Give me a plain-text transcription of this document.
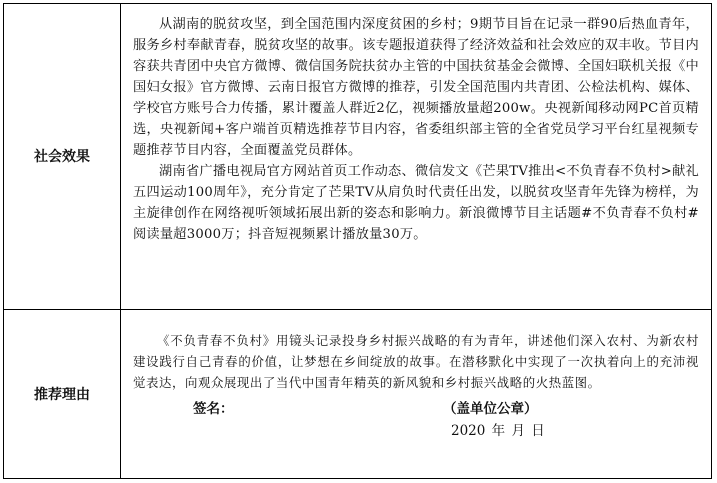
社会效果	从湖南的脱贫攻坚，到全国范围内深度贫困的乡村；9期节目旨在记录一群90后热血青年，服务乡村奉献青春，脱贫攻坚的故事。该专题报道获得了经济效益和社会效应的双丰收。节目内容获共青团中央官方微博、微信国务院扶贫办主管的中国扶贫基金会微博、全国妇联机关报《中国妇女报》官方微博、云南日报官方微博的推荐，引发全国范围内共青团、公检法机构、媒体、学校官方账号合力传播，累计覆盖人群近2亿，视频播放量超200w。央视新闻移动网PC首页精选，央视新闻+客户端首页精选推荐节目内容，省委组织部主管的全省党员学习平台红星视频专题推荐节目内容，全面覆盖党员群体。

湖南省广播电视局官方网站首页工作动态、微信发文《芒果TV推出<不负青春不负村>献礼五四运动100周年》，充分肯定了芒果TV从肩负时代责任出发，以脱贫攻坚青年先锋为榜样，为主旋律创作在网络视听领域拓展出新的姿态和影响力。新浪微博节目主话题#不负青春不负村#阅读量超3000万；抖音短视频累计播放量30万。

推荐理由	《不负青春不负村》用镜头记录投身乡村振兴战略的有为青年，讲述他们深入农村、为新农村建设践行自己青春的价值，让梦想在乡间绽放的故事。在潜移默化中实现了一次执着向上的充沛视觉表达，向观众展现出了当代中国青年精英的新风貌和乡村振兴战略的火热蓝图。

签名： （盖单位公章）
2020 年 月 日
